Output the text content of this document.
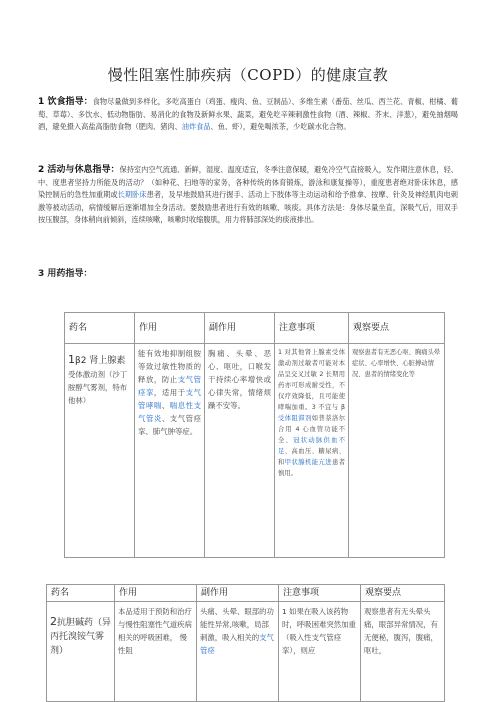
慢性阻塞性肺疾病（COPD）的健康宣教

1 饮食指导：食物尽量做到多样化，多吃高蛋白（鸡蛋、瘦肉、鱼、豆制品）、多维生素（番茄、丝瓜、西兰花、青椒、柑橘、葡萄、草莓）、多饮水、低动物脂肪、易消化的食物及新鲜水果、蔬菜，避免吃辛辣刺激性食物（酒、辣椒、芥末、洋葱），避免抽烟喝酒，避免摄入高盐高脂肪食物（肥肉、猪肉、油炸食品、鱼、虾），避免喝浓茶，少吃碳水化合物。

2 活动与休息指导：保持室内空气流通、新鲜，湿度、温度适宜，冬季注意保暖，避免冷空气直接吸入，发作期注意休息，轻、中、度患者坚持力所能及的活动？（如种花、扫地等的家务，各种传统的体育锻炼，游泳和康复操等），重度患者绝对卧床休息，感染控制后的急性加重期或长期卧床患者，及早地鼓励其进行握手、活动上下肢体等主动运动和给予推拿、按摩、针灸及神经肌肉电刺激等被动活动，病情缓解后逐渐增加全身活动。要鼓励患者进行有效的咳嗽、咳痰。具体方法是：身体尽量坐直，深吸气后，用双手按压腹部，身体稍向前倾斜，连续咳嗽，咳嗽时收缩腹肌，用力将肺部深处的痰液排出。

3 用药指导：
药名	作用	副作用	注意事项	观察要点

1β2 肾上腺素
受体激动剂（沙丁胺醇气雾剂，特布他林）	能有效地抑制组胺等致过敏性物质的释放，防止支气管痉挛，适用于支气管哮喘、喘息性支气管炎、支气管痉挛、肺气肿等症。	胸痛、头晕、恶心、呕吐，口喉发干持续心率增快或心律失常，情绪烦躁不安等。	1 对其他肾上腺素受体激动剂过敏者可能对本品呈交叉过敏 2 长期用药亦可形成耐受性，不仅疗效降低，且可能使哮喘加重。3 不宜与 β 受体阻滞剂如普萘洛尔合用 4 心血管功能不全、冠状动脉供血不足、高血压、糖尿病、和甲状腺机能亢进患者慎用。	观察患者有无恶心呕、胸痛头晕症状、心率增快、心脏搏动情况、患者的情绪变化等
药名	作用	副作用	注意事项	观察要点

2抗胆碱药（异
丙托溴铵气雾剂）	本品适用于预防和治疗与慢性阻塞性气道疾病相关的呼吸困难， 慢性阻	头痛、头晕、眼部的功能性异常,咳嗽，局部刺激，吸入相关的支气管痉	1 如果在吸入该药物时，呼吸困难突然加重（吸入性支气管痉挛），则应	观察患者有无头晕头痛，眼部异常情况，有无便秘，腹泻，腹痛，呕吐，
